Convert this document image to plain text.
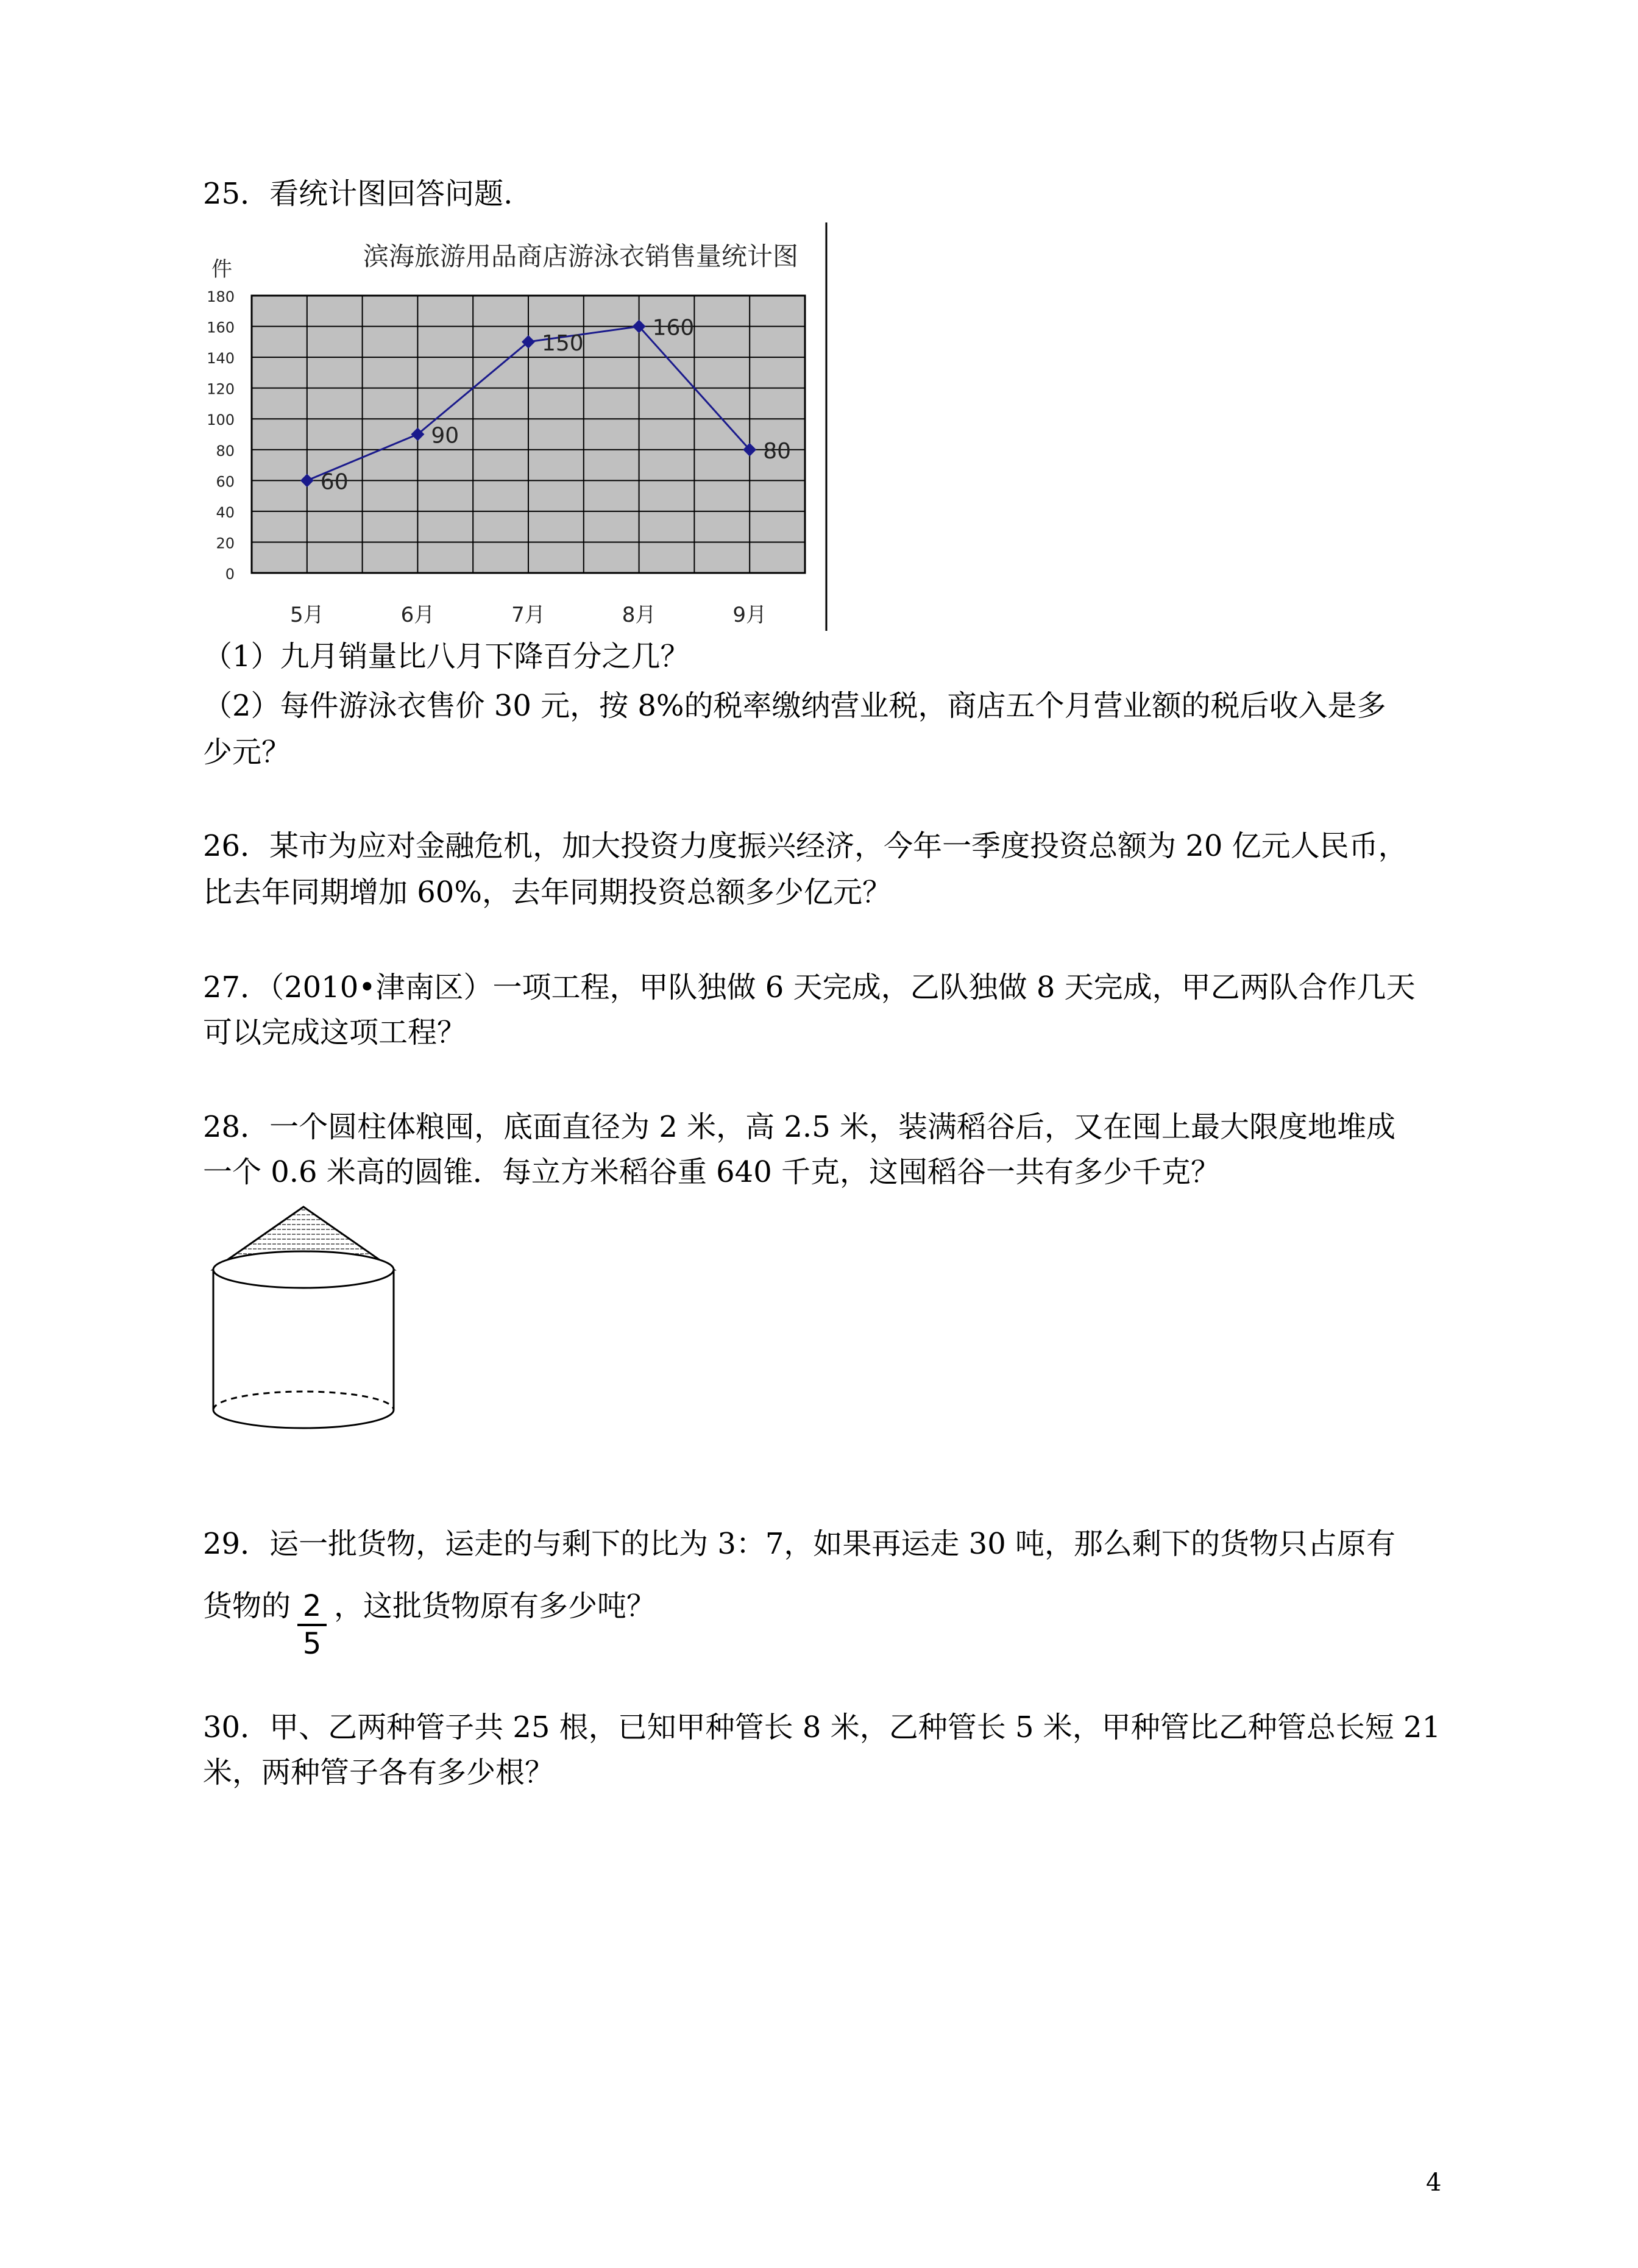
25．看统计图回答问题.
滨海旅游用品商店游泳衣销售量统计图
件
0
20
40
60
80
100
120
140
160
180
60
5月
90
6月
150
7月
160
8月
80
9月
（1）九月销量比八月下降百分之几？
（2）每件游泳衣售价 30 元，按 8%的税率缴纳营业税，商店五个月营业额的税后收入是多
少元？
26．某市为应对金融危机，加大投资力度振兴经济，今年一季度投资总额为 20 亿元人民币，
比去年同期增加 60%，去年同期投资总额多少亿元？
27．（2010•津南区）一项工程，甲队独做 6 天完成，乙队独做 8 天完成，甲乙两队合作几天
可以完成这项工程？
28．一个圆柱体粮囤，底面直径为 2 米，高 2.5 米，装满稻谷后，又在囤上最大限度地堆成
一个 0.6 米高的圆锥．每立方米稻谷重 640 千克，这囤稻谷一共有多少千克？
29．运一批货物，运走的与剩下的比为 3：7，如果再运走 30 吨，那么剩下的货物只占原有
货物的 2
5
，这批货物原有多少吨？
30．甲、乙两种管子共 25 根，已知甲种管长 8 米，乙种管长 5 米，甲种管比乙种管总长短 21
米，两种管子各有多少根？
4
